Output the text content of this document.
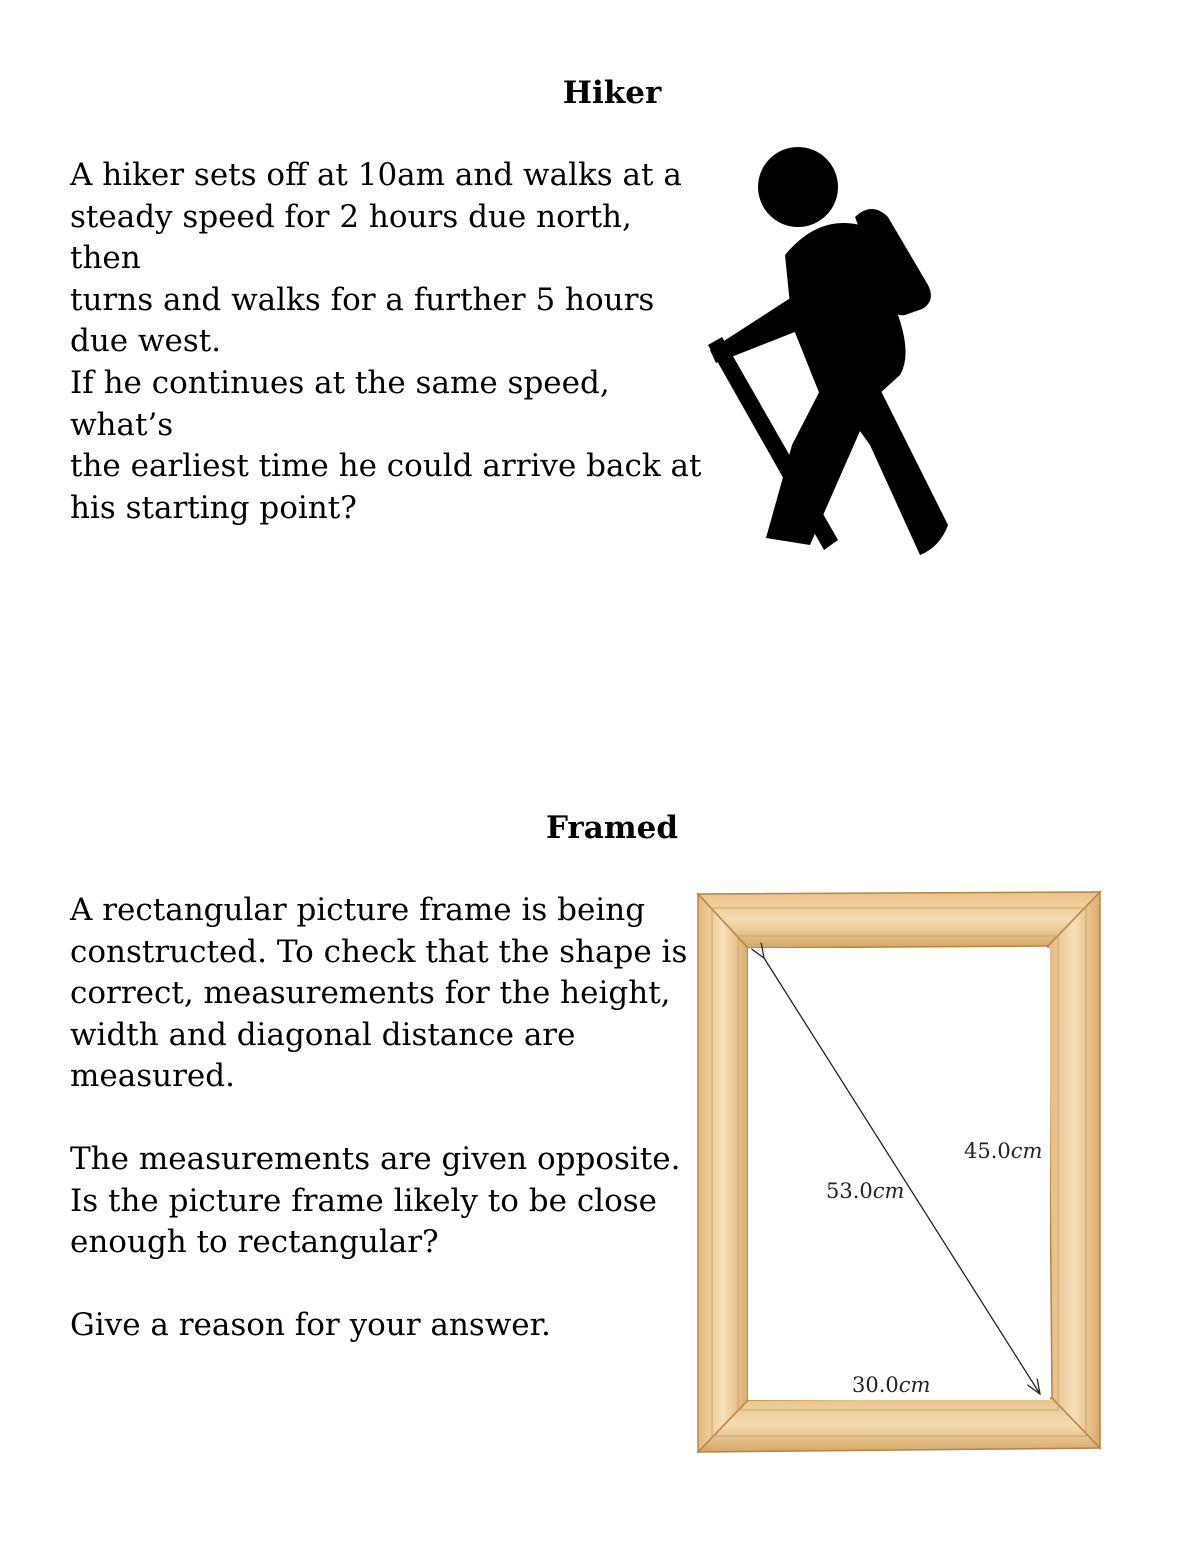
Hiker

A hiker sets off at 10am and walks at a
steady speed for 2 hours due north, then
turns and walks for a further 5 hours
due west.

If he continues at the same speed, what’s
the earliest time he could arrive back at
his starting point?

Framed

A rectangular picture frame is being
constructed. To check that the shape is
correct, measurements for the height,
width and diagonal distance are
measured.

The measurements are given opposite.
Is the picture frame likely to be close
enough to rectangular?

Give a reason for your answer.

45.0cm
53.0cm
30.0cm
